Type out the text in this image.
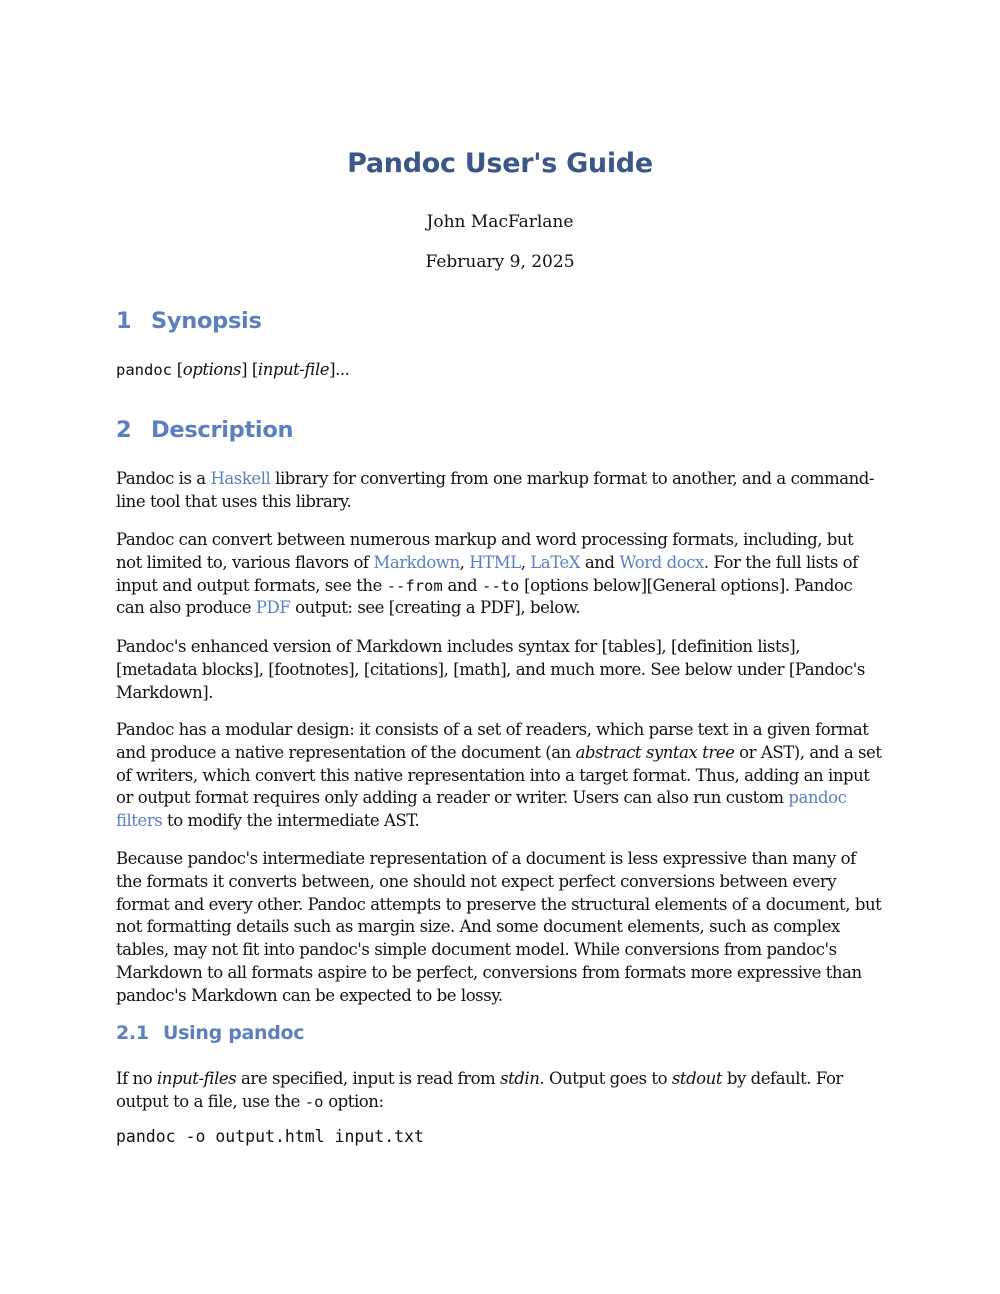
Pandoc User's Guide
John MacFarlane
February 9, 2025
1 Synopsis

pandoc [options] [input-file]...

2 Description

Pandoc is a Haskell library for converting from one markup format to another, and a command-line tool that uses this library.

Pandoc can convert between numerous markup and word processing formats, including, but not limited to, various flavors of Markdown, HTML, LaTeX and Word docx. For the full lists of input and output formats, see the --from and --to [options below][General options]. Pandoc can also produce PDF output: see [creating a PDF], below.

Pandoc's enhanced version of Markdown includes syntax for [tables], [definition lists], [metadata blocks], [footnotes], [citations], [math], and much more. See below under [Pandoc's Markdown].

Pandoc has a modular design: it consists of a set of readers, which parse text in a given format and produce a native representation of the document (an abstract syntax tree or AST), and a set of writers, which convert this native representation into a target format. Thus, adding an input or output format requires only adding a reader or writer. Users can also run custom pandoc filters to modify the intermediate AST.

Because pandoc's intermediate representation of a document is less expressive than many of the formats it converts between, one should not expect perfect conversions between every format and every other. Pandoc attempts to preserve the structural elements of a document, but not formatting details such as margin size. And some document elements, such as complex tables, may not fit into pandoc's simple document model. While conversions from pandoc's Markdown to all formats aspire to be perfect, conversions from formats more expressive than pandoc's Markdown can be expected to be lossy.

2.1 Using pandoc

If no input-files are specified, input is read from stdin. Output goes to stdout by default. For output to a file, use the -o option:

pandoc -o output.html input.txt
